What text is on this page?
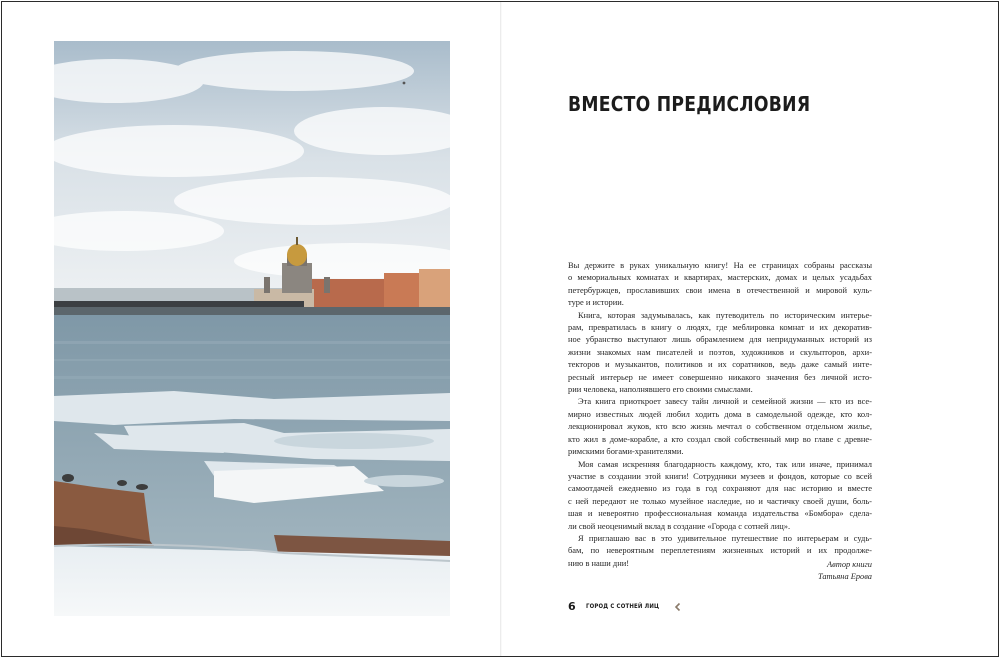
ВМЕСТО ПРЕДИСЛОВИЯ
Вы держите в руках уникальную книгу! На ее страницах собраны рассказы
о мемориальных комнатах и квартирах, мастерских, домах и целых усадьбах
петербуржцев, прославивших свои имена в отечественной и мировой куль-
туре и истории.
Книга, которая задумывалась, как путеводитель по историческим интерье-
рам, превратилась в книгу о людях, где меблировка комнат и их декоратив-
ное убранство выступают лишь обрамлением для непридуманных историй из
жизни знакомых нам писателей и поэтов, художников и скульпторов, архи-
текторов и музыкантов, политиков и их соратников, ведь даже самый инте-
ресный интерьер не имеет совершенно никакого значения без личной исто-
рии человека, наполнявшего его своими смыслами.
Эта книга приоткроет завесу тайн личной и семейной жизни — кто из все-
мирно известных людей любил ходить дома в самодельной одежде, кто кол-
лекционировал жуков, кто всю жизнь мечтал о собственном отдельном жилье,
кто жил в доме-корабле, а кто создал свой собственный мир во главе с древне-
римскими богами-хранителями.
Моя самая искренняя благодарность каждому, кто, так или иначе, принимал
участие в создании этой книги! Сотрудники музеев и фондов, которые со всей
самоотдачей ежедневно из года в год сохраняют для нас историю и вместе
с ней передают не только музейное наследие, но и частичку своей души, боль-
шая и невероятно профессиональная команда издательства «Бомбора» сдела-
ли свой неоценимый вклад в создание «Города с сотней лиц».
Я приглашаю вас в это удивительное путешествие по интерьерам и судь-
бам, по невероятным переплетениям жизненных историй и их продолже-
нию в наши дни!	Автор книги
Татьяна Ерова
6 ГОРОД С СОТНЕЙ ЛИЦ
